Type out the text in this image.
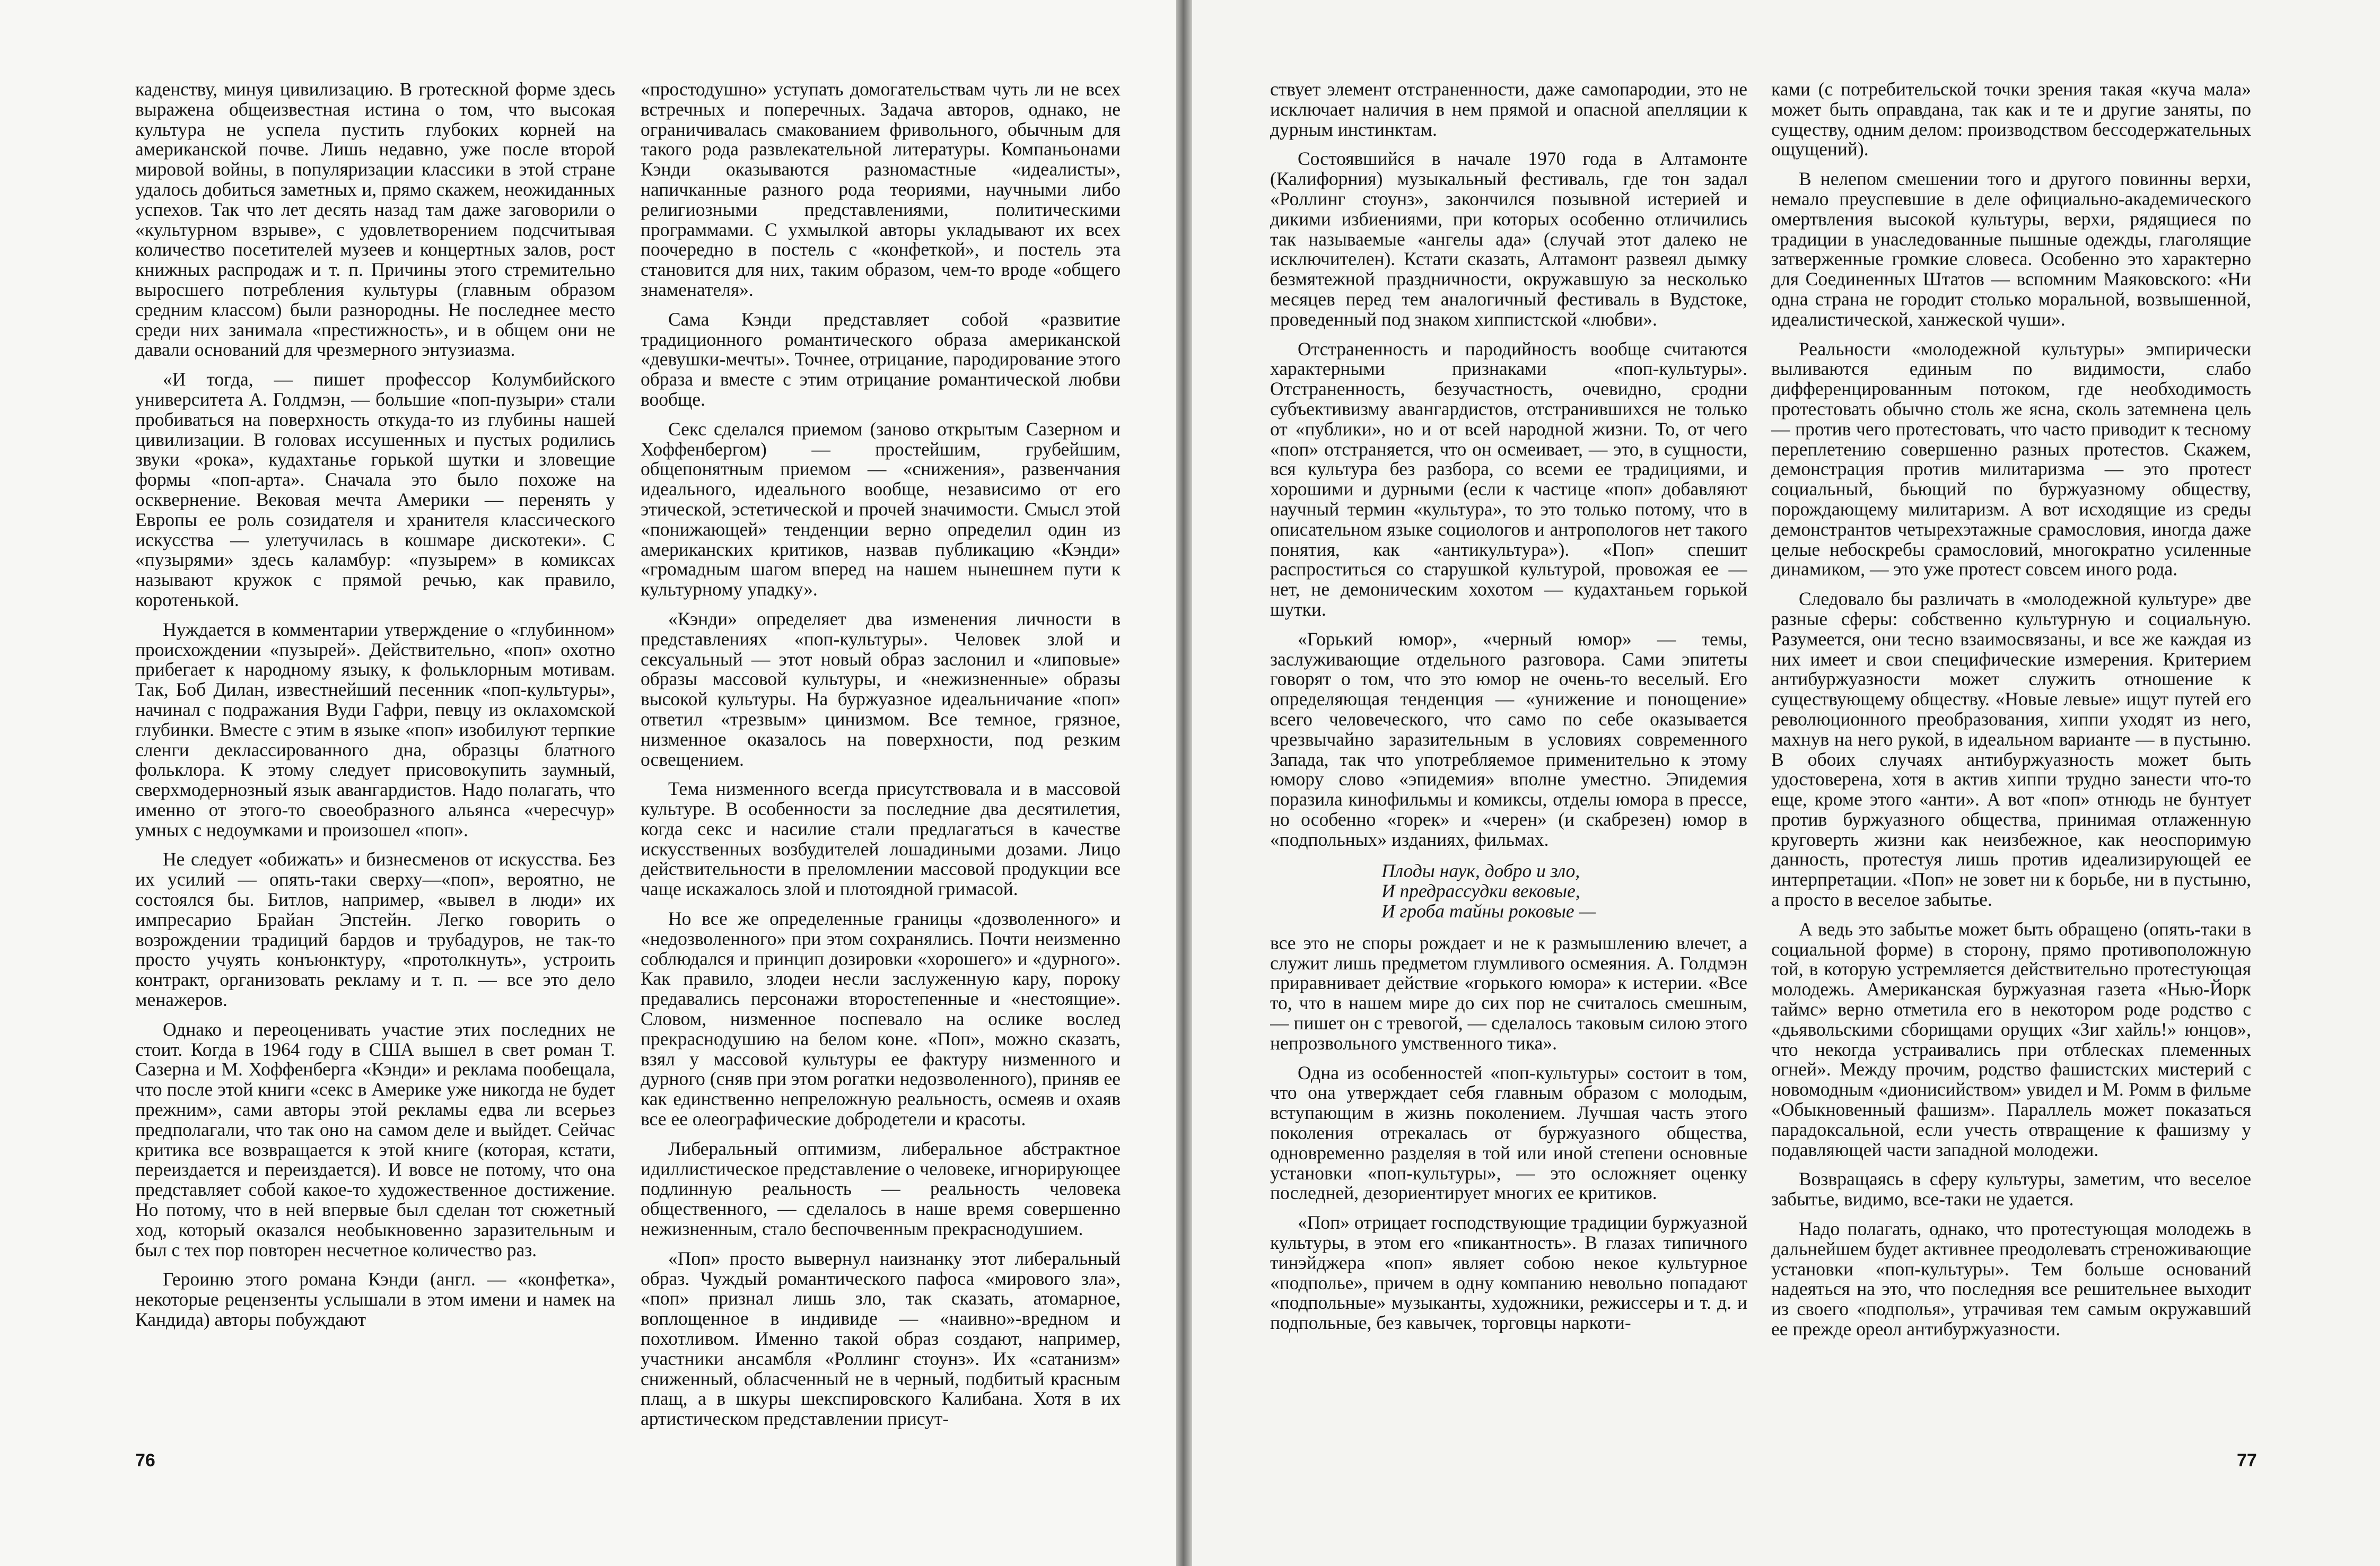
каденству, минуя цивилизацию. В гротескной форме здесь выражена общеизвестная истина о том, что высокая культура не успела пустить глубоких корней на американской почве. Лишь недавно, уже после второй мировой войны, в популяризации классики в этой стране удалось добиться заметных и, прямо скажем, неожиданных успехов. Так что лет десять назад там даже заговорили о «культурном взрыве», с удовлетворением подсчитывая количество посетителей музеев и концертных залов, рост книжных распродаж и т. п. Причины этого стремительно выросшего потребления культуры (главным образом средним классом) были разнородны. Не последнее место среди них занимала «престижность», и в общем они не давали оснований для чрезмерного энтузиазма.

«И тогда, — пишет профессор Колумбийского университета А. Голдмэн, — большие «поп-пузыри» стали пробиваться на поверхность откуда-то из глубины нашей цивилизации. В головах иссушенных и пустых родились звуки «рока», кудахтанье горькой шутки и зловещие формы «поп-арта». Сначала это было похоже на осквернение. Вековая мечта Америки — перенять у Европы ее роль созидателя и хранителя классического искусства — улетучилась в кошмаре дискотеки». С «пузырями» здесь каламбур: «пузырем» в комиксах называют кружок с прямой речью, как правило, коротенькой.

Нуждается в комментарии утверждение о «глубинном» происхождении «пузырей». Действительно, «поп» охотно прибегает к народному языку, к фольклорным мотивам. Так, Боб Дилан, известнейший песенник «поп-культуры», начинал с подражания Вуди Гафри, певцу из оклахомской глубинки. Вместе с этим в языке «поп» изобилуют терпкие сленги деклассированного дна, образцы блатного фольклора. К этому следует присовокупить заумный, сверхмодернозный язык авангардистов. Надо полагать, что именно от этого-то своеобразного альянса «чересчур» умных с недоумками и произошел «поп».

Не следует «обижать» и бизнесменов от искусства. Без их усилий — опять-таки сверху—«поп», вероятно, не состоялся бы. Битлов, например, «вывел в люди» их импресарио Брайан Эпстейн. Легко говорить о возрождении традиций бардов и трубадуров, не так-то просто учуять конъюнктуру, «протолкнуть», устроить контракт, организовать рекламу и т. п. — все это дело менажеров.

Однако и переоценивать участие этих последних не стоит. Когда в 1964 году в США вышел в свет роман Т. Сазерна и М. Хоффенберга «Кэнди» и реклама пообещала, что после этой книги «секс в Америке уже никогда не будет прежним», сами авторы этой рекламы едва ли всерьез предполагали, что так оно на самом деле и выйдет. Сейчас критика все возвращается к этой книге (которая, кстати, переиздается и переиздается). И вовсе не потому, что она представляет собой какое-то художественное достижение. Но потому, что в ней впервые был сделан тот сюжетный ход, который оказался необыкновенно заразительным и был с тех пор повторен несчетное количество раз.

Героиню этого романа Кэнди (англ. — «конфетка», некоторые рецензенты услышали в этом имени и намек на Кандида) авторы побуждают

«простодушно» уступать домогательствам чуть ли не всех встречных и поперечных. Задача авторов, однако, не ограничивалась смакованием фривольного, обычным для такого рода развлекательной литературы. Компаньонами Кэнди оказываются разномастные «идеалисты», напичканные разного рода теориями, научными либо религиозными представлениями, политическими программами. С ухмылкой авторы укладывают их всех поочередно в постель с «конфеткой», и постель эта становится для них, таким образом, чем-то вроде «общего знаменателя».

Сама Кэнди представляет собой «развитие традиционного романтического образа американской «девушки-мечты». Точнее, отрицание, пародирование этого образа и вместе с этим отрицание романтической любви вообще.

Секс сделался приемом (заново открытым Сазерном и Хоффенбергом) — простейшим, грубейшим, общепонятным приемом — «снижения», развенчания идеального, идеального вообще, независимо от его этической, эстетической и прочей значимости. Смысл этой «понижающей» тенденции верно определил один из американских критиков, назвав публикацию «Кэнди» «громадным шагом вперед на нашем нынешнем пути к культурному упадку».

«Кэнди» определяет два изменения личности в представлениях «поп-культуры». Человек злой и сексуальный — этот новый образ заслонил и «липовые» образы массовой культуры, и «нежизненные» образы высокой культуры. На буржуазное идеальничание «поп» ответил «трезвым» цинизмом. Все темное, грязное, низменное оказалось на поверхности, под резким освещением.

Тема низменного всегда присутствовала и в массовой культуре. В особенности за последние два десятилетия, когда секс и насилие стали предлагаться в качестве искусственных возбудителей лошадиными дозами. Лицо действительности в преломлении массовой продукции все чаще искажалось злой и плотоядной гримасой.

Но все же определенные границы «дозволенного» и «недозволенного» при этом сохранялись. Почти неизменно соблюдался и принцип дозировки «хорошего» и «дурного». Как правило, злодеи несли заслуженную кару, пороку предавались персонажи второстепенные и «нестоящие». Словом, низменное поспевало на ослике вослед прекраснодушию на белом коне. «Поп», можно сказать, взял у массовой культуры ее фактуру низменного и дурного (сняв при этом рогатки недозволенного), приняв ее как единственно непреложную реальность, осмеяв и охаяв все ее олеографические добродетели и красоты.

Либеральный оптимизм, либеральное абстрактное идиллистическое представление о человеке, игнорирующее подлинную реальность — реальность человека общественного, — сделалось в наше время совершенно нежизненным, стало беспочвенным прекраснодушием.

«Поп» просто вывернул наизнанку этот либеральный образ. Чуждый романтического пафоса «мирового зла», «поп» признал лишь зло, так сказать, атомарное, воплощенное в индивиде — «наивно»-вредном и похотливом. Именно такой образ создают, например, участники ансамбля «Роллинг стоунз». Их «сатанизм» сниженный, обласченный не в черный, подбитый красным плащ, а в шкуры шекспировского Калибана. Хотя в их артистическом представлении присут-

76

ствует элемент отстраненности, даже самопародии, это не исключает наличия в нем прямой и опасной апелляции к дурным инстинктам.

Состоявшийся в начале 1970 года в Алтамонте (Калифорния) музыкальный фестиваль, где тон задал «Роллинг стоунз», закончился позывной истерией и дикими избиениями, при которых особенно отличились так называемые «ангелы ада» (случай этот далеко не исключителен). Кстати сказать, Алтамонт развеял дымку безмятежной праздничности, окружавшую за несколько месяцев перед тем аналогичный фестиваль в Вудстоке, проведенный под знаком хиппистской «любви».

Отстраненность и пародийность вообще считаются характерными признаками «поп-культуры». Отстраненность, безучастность, очевидно, сродни субъективизму авангардистов, отстранившихся не только от «публики», но и от всей народной жизни. То, от чего «поп» отстраняется, что он осмеивает, — это, в сущности, вся культура без разбора, со всеми ее традициями, и хорошими и дурными (если к частице «поп» добавляют научный термин «культура», то это только потому, что в описательном языке социологов и антропологов нет такого понятия, как «антикультура»). «Поп» спешит распроститься со старушкой культурой, провожая ее — нет, не демоническим хохотом — кудахтаньем горькой шутки.

«Горький юмор», «черный юмор» — темы, заслуживающие отдельного разговора. Сами эпитеты говорят о том, что это юмор не очень-то веселый. Его определяющая тенденция — «унижение и понощение» всего человеческого, что само по себе оказывается чрезвычайно заразительным в условиях современного Запада, так что употребляемое применительно к этому юмору слово «эпидемия» вполне уместно. Эпидемия поразила кинофильмы и комиксы, отделы юмора в прессе, но особенно «горек» и «черен» (и скабрезен) юмор в «подпольных» изданиях, фильмах.

Плоды наук, добро и зло,
И предрассудки вековые,
И гроба тайны роковые —

все это не споры рождает и не к размышлению влечет, а служит лишь предметом глумливого осмеяния. А. Голдмэн приравнивает действие «горького юмора» к истерии. «Все то, что в нашем мире до сих пор не считалось смешным, — пишет он с тревогой, — сделалось таковым силою этого непрозвольного умственного тика».

Одна из особенностей «поп-культуры» состоит в том, что она утверждает себя главным образом с молодым, вступающим в жизнь поколением. Лучшая часть этого поколения отрекалась от буржуазного общества, одновременно разделяя в той или иной степени основные установки «поп-культуры», — это осложняет оценку последней, дезориентирует многих ее критиков.

«Поп» отрицает господствующие традиции буржуазной культуры, в этом его «пикантность». В глазах типичного тинэйджера «поп» являет собою некое культурное «подполье», причем в одну компанию невольно попадают «подпольные» музыканты, художники, режиссеры и т. д. и подпольные, без кавычек, торговцы наркоти-

ками (с потребительской точки зрения такая «куча мала» может быть оправдана, так как и те и другие заняты, по существу, одним делом: производством бессодержательных ощущений).

В нелепом смешении того и другого повинны верхи, немало преуспевшие в деле официально-академического омертвления высокой культуры, верхи, рядящиеся по традиции в унаследованные пышные одежды, глаголящие затверженные громкие словеса. Особенно это характерно для Соединенных Штатов — вспомним Маяковского: «Ни одна страна не городит столько моральной, возвышенной, идеалистической, ханжеской чуши».

Реальности «молодежной культуры» эмпирически выливаются единым по видимости, слабо дифференцированным потоком, где необходимость протестовать обычно столь же ясна, сколь затемнена цель — против чего протестовать, что часто приводит к тесному переплетению совершенно разных протестов. Скажем, демонстрация против милитаризма — это протест социальный, бьющий по буржуазному обществу, порождающему милитаризм. А вот исходящие из среды демонстрантов четырехэтажные срамословия, иногда даже целые небоскребы срамословий, многократно усиленные динамиком, — это уже протест совсем иного рода.

Следовало бы различать в «молодежной культуре» две разные сферы: собственно культурную и социальную. Разумеется, они тесно взаимосвязаны, и все же каждая из них имеет и свои специфические измерения. Критерием антибуржуазности может служить отношение к существующему обществу. «Новые левые» ищут путей его революционного преобразования, хиппи уходят из него, махнув на него рукой, в идеальном варианте — в пустыню. В обоих случаях антибуржуазность может быть удостоверена, хотя в актив хиппи трудно занести что-то еще, кроме этого «анти». А вот «поп» отнюдь не бунтует против буржуазного общества, принимая отлаженную круговерть жизни как неизбежное, как неоспоримую данность, протестуя лишь против идеализирующей ее интерпретации. «Поп» не зовет ни к борьбе, ни в пустыню, а просто в веселое забытье.

А ведь это забытье может быть обращено (опять-таки в социальной форме) в сторону, прямо противоположную той, в которую устремляется действительно протестующая молодежь. Американская буржуазная газета «Нью-Йорк таймс» верно отметила его в некотором роде родство с «дьявольскими сборищами орущих «Зиг хайль!» юнцов», что некогда устраивались при отблесках племенных огней». Между прочим, родство фашистских мистерий с новомодным «дионисийством» увидел и М. Ромм в фильме «Обыкновенный фашизм». Параллель может показаться парадоксальной, если учесть отвращение к фашизму у подавляющей части западной молодежи.

Возвращаясь в сферу культуры, заметим, что веселое забытье, видимо, все-таки не удается.

Надо полагать, однако, что протестующая молодежь в дальнейшем будет активнее преодолевать стреноживающие установки «поп-культуры». Тем больше оснований надеяться на это, что последняя все решительнее выходит из своего «подполья», утрачивая тем самым окружавший ее прежде ореол антибуржуазности.

77
